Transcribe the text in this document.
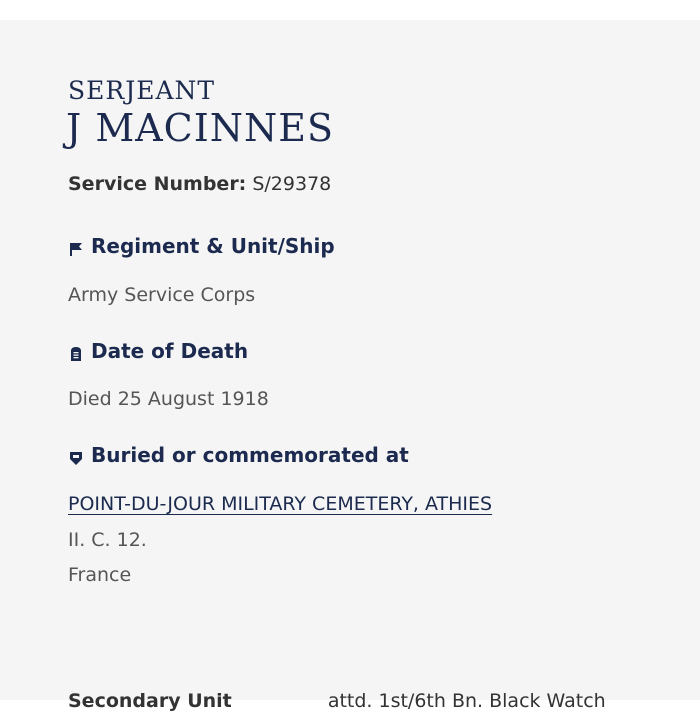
SERJEANT
J MACINNES
Service Number: S/29378
Regiment & Unit/Ship
Army Service Corps
Date of Death
Died 25 August 1918
Buried or commemorated at
POINT-DU-JOUR MILITARY CEMETERY, ATHIES
II. C. 12.
France
Secondary Unit	attd. 1st/6th Bn. Black Watch
